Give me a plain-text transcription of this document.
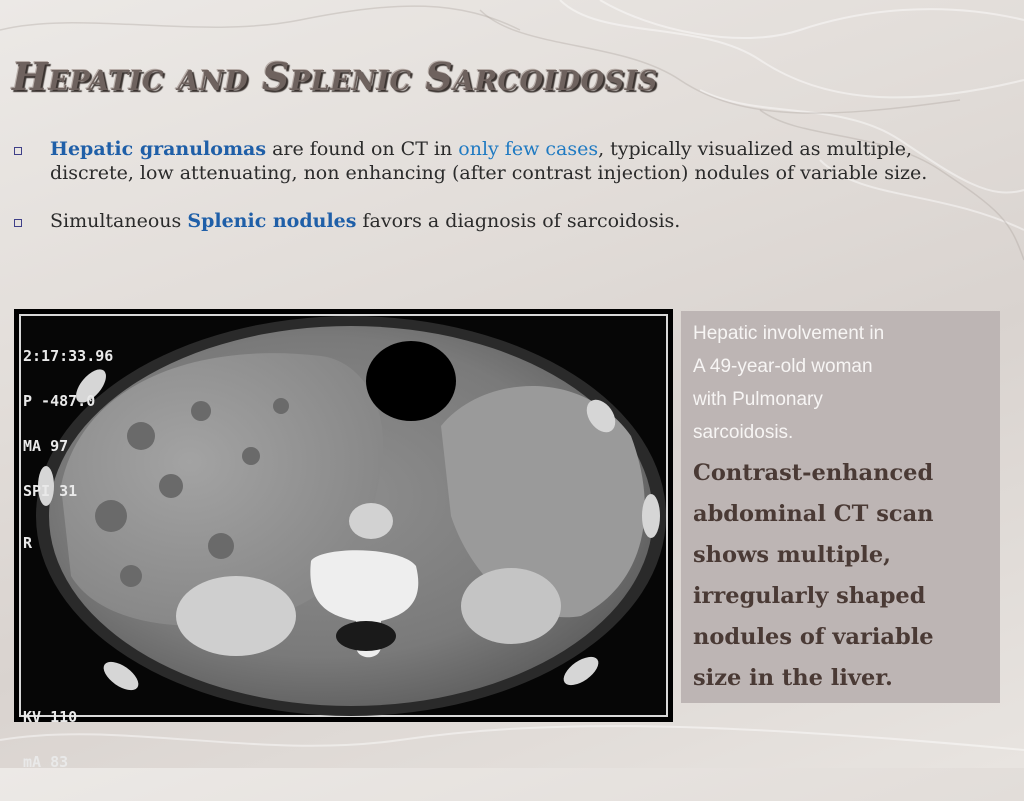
Hepatic and Splenic Sarcoidosis
Hepatic granulomas are found on CT in only few cases, typically visualized as multiple, discrete, low attenuating, non enhancing (after contrast injection) nodules of variable size.
Simultaneous Splenic nodules favors a diagnosis of sarcoidosis.

2:17:33.96

P -487.0

MA 97

SPI 31

R

KV 110

mA 83

Hepatic involvement in
A 49-year-old woman
with Pulmonary
sarcoidosis.

Contrast-enhanced
abdominal CT scan
shows multiple,
irregularly shaped
nodules of variable
size in the liver.
